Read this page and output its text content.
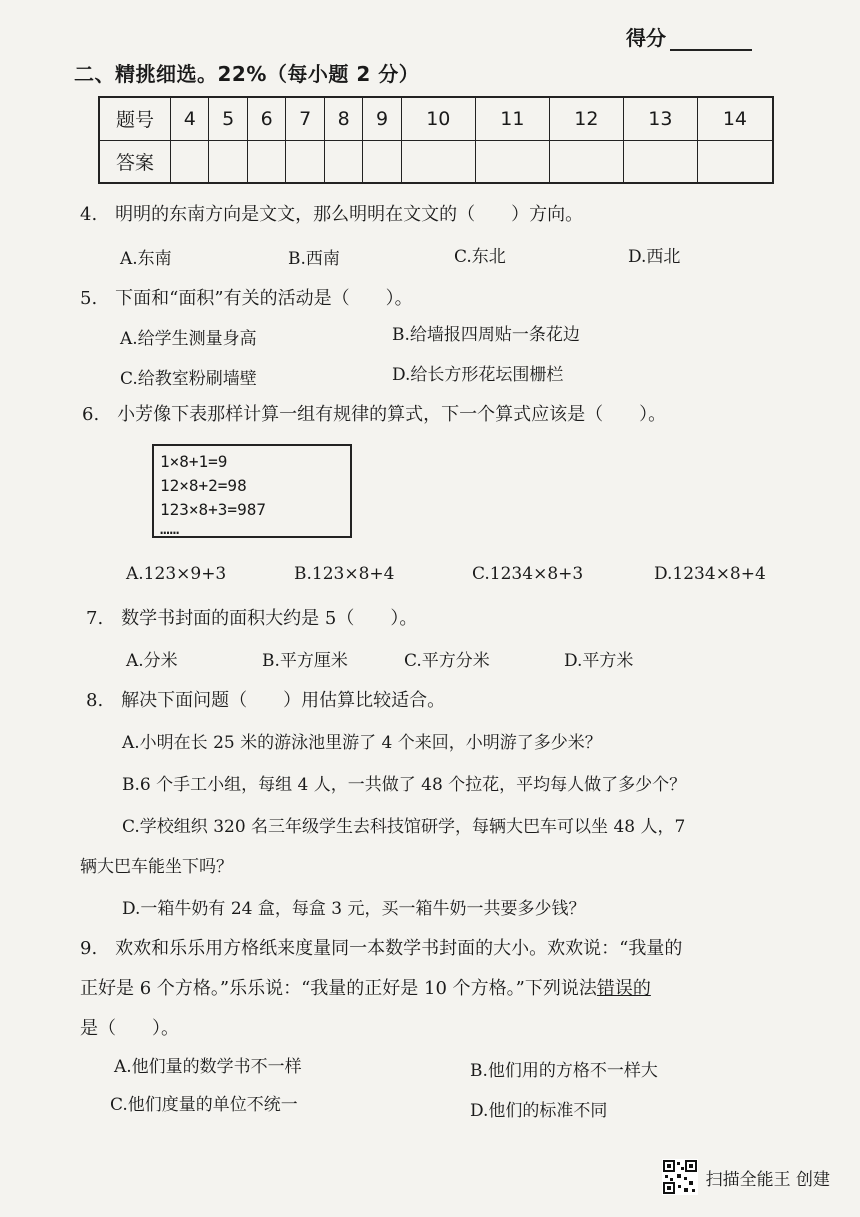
得分
二、精挑细选。22%（每小题 2 分）
题号	4	5	6	7	8	9	10	11	12	13	14
答案											
4.　明明的东南方向是文文，那么明明在文文的（　　）方向。
A.东南	B.西南	C.东北	D.西北
5.　下面和“面积”有关的活动是（　　）。
A.给学生测量身高	B.给墙报四周贴一条花边
C.给教室粉刷墙壁	D.给长方形花坛围栅栏
6.　小芳像下表那样计算一组有规律的算式，下一个算式应该是（　　）。
1×8+1=9
12×8+2=98
123×8+3=987
……
A.123×9+3	B.123×8+4	C.1234×8+3	D.1234×8+4
7.　数学书封面的面积大约是 5（　　）。
A.分米	B.平方厘米	C.平方分米	D.平方米
8.　解决下面问题（　　）用估算比较适合。
A.小明在长 25 米的游泳池里游了 4 个来回，小明游了多少米？
B.6 个手工小组，每组 4 人，一共做了 48 个拉花，平均每人做了多少个？
C.学校组织 320 名三年级学生去科技馆研学，每辆大巴车可以坐 48 人，7
辆大巴车能坐下吗？
D.一箱牛奶有 24 盒，每盒 3 元，买一箱牛奶一共要多少钱？
9.　欢欢和乐乐用方格纸来度量同一本数学书封面的大小。欢欢说：“我量的
正好是 6 个方格。”乐乐说：“我量的正好是 10 个方格。”下列说法错误的
是（　　）。
A.他们量的数学书不一样	B.他们用的方格不一样大
C.他们度量的单位不统一	D.他们的标准不同
扫描全能王 创建
